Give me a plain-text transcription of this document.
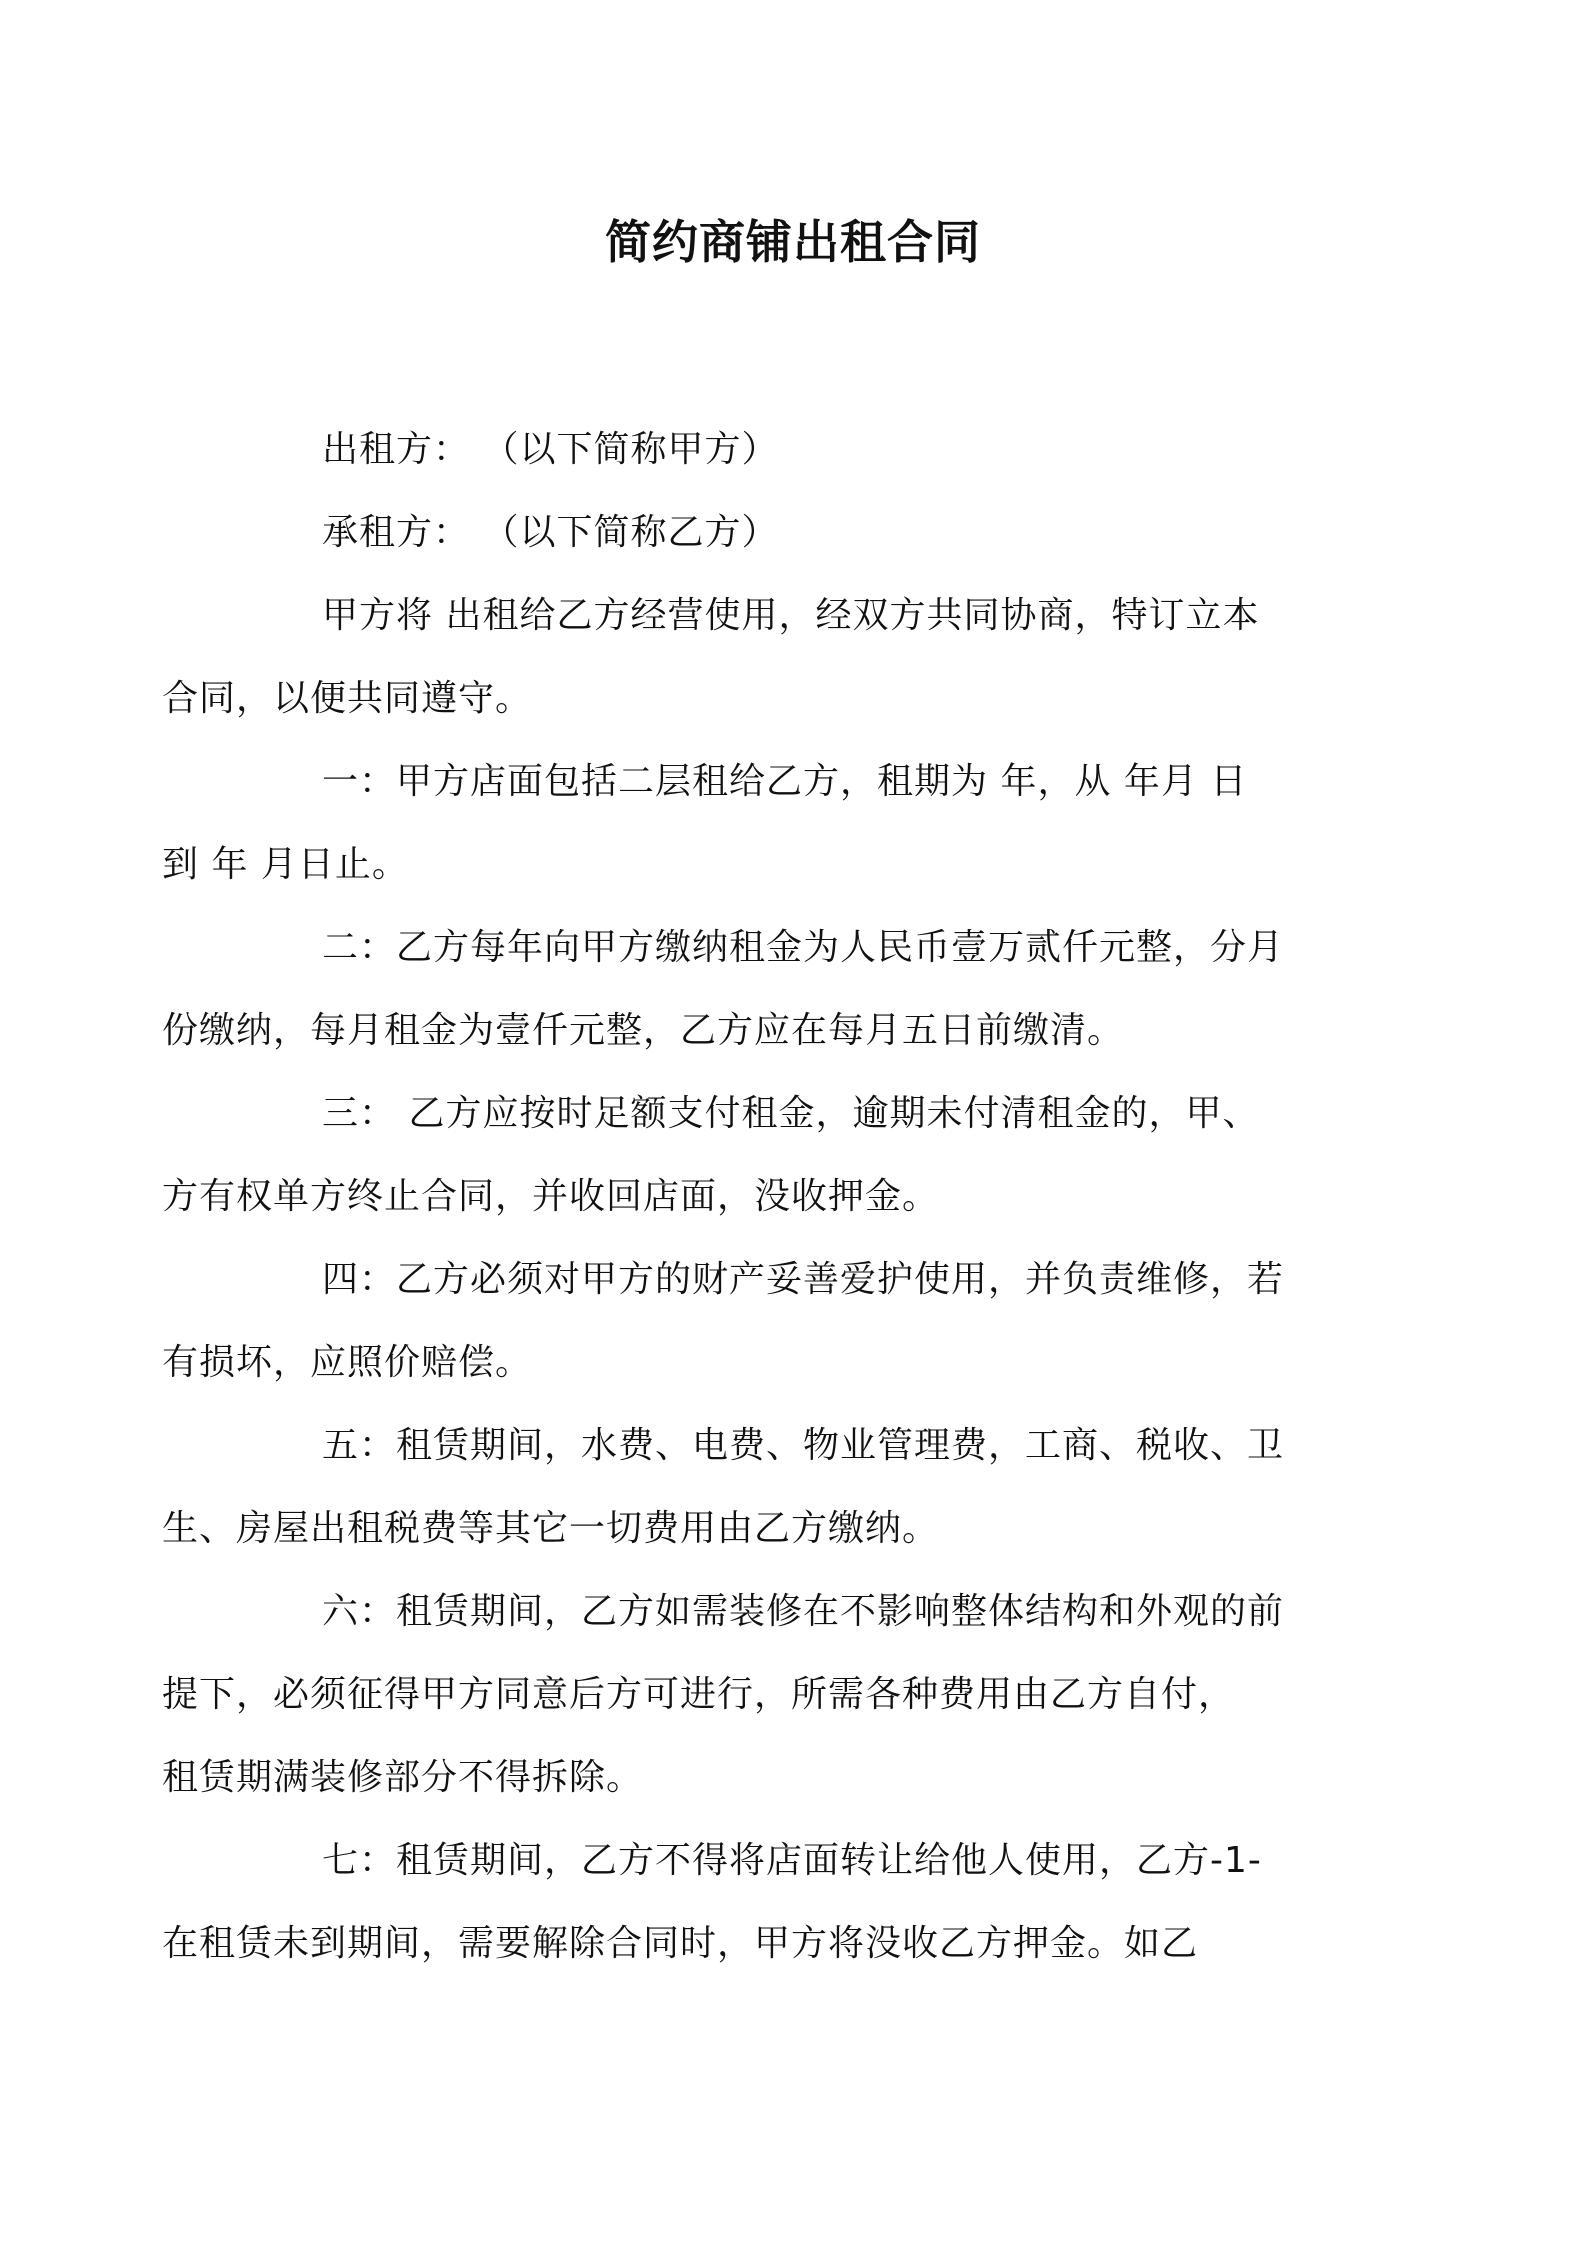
简约商铺出租合同

出租方： （以下简称甲方）

承租方： （以下简称乙方）

甲方将 出租给乙方经营使用，经双方共同协商，特订立本
合同，以便共同遵守。

一：甲方店面包括二层租给乙方，租期为 年，从 年月 日
到 年 月日止。

二：乙方每年向甲方缴纳租金为人民币壹万贰仟元整，分月
份缴纳，每月租金为壹仟元整，乙方应在每月五日前缴清。

三： 乙方应按时足额支付租金，逾期未付清租金的，甲、
方有权单方终止合同，并收回店面，没收押金。

四：乙方必须对甲方的财产妥善爱护使用，并负责维修，若
有损坏，应照价赔偿。

五：租赁期间，水费、电费、物业管理费，工商、税收、卫
生、房屋出租税费等其它一切费用由乙方缴纳。

六：租赁期间，乙方如需装修在不影响整体结构和外观的前
提下，必须征得甲方同意后方可进行，所需各种费用由乙方自付，
租赁期满装修部分不得拆除。

七：租赁期间，乙方不得将店面转让给他人使用，乙方-1-
在租赁未到期间，需要解除合同时，甲方将没收乙方押金。如乙
